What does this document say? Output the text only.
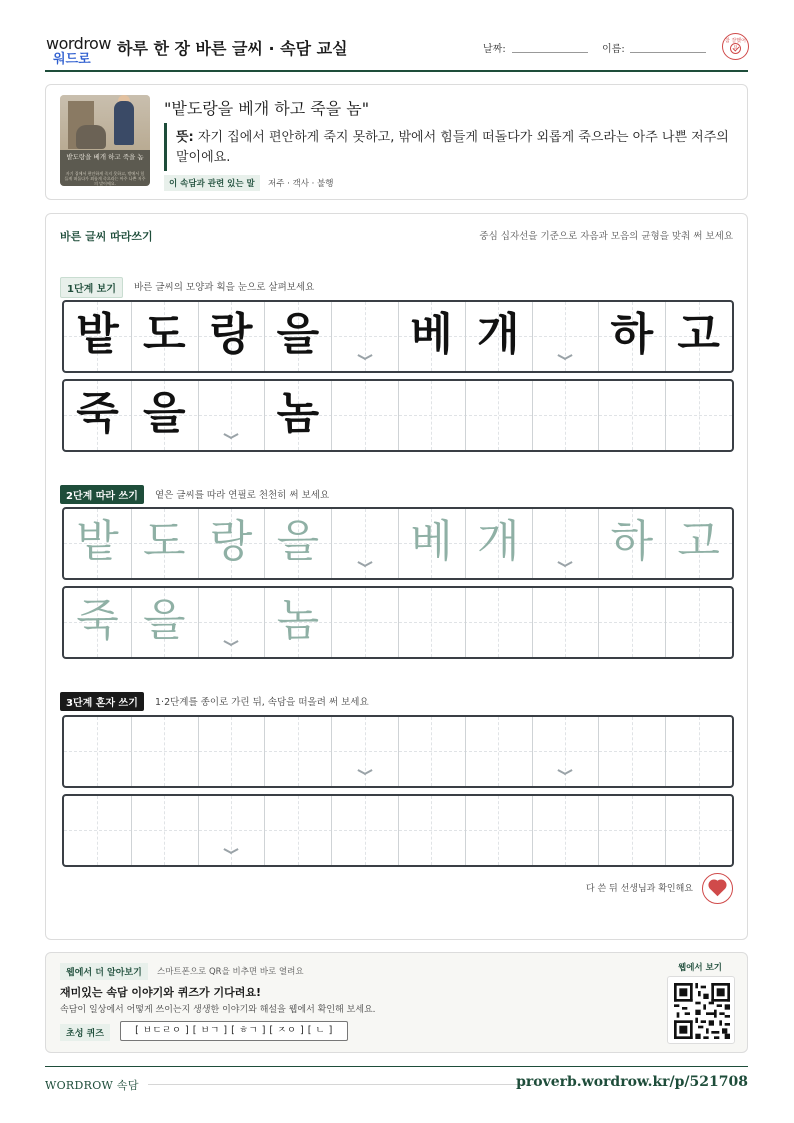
wordrow
워드로
하루 한 장 바른 글씨 · 속담 교실	날짜:	이름:
참 잘했어요
밭도랑을 베개 하고 죽을 놈
자기 집에서 편안하게 죽지 못하고, 밖에서 힘들게 떠돌다가 외롭게 죽으라는 아주 나쁜 저주의 말이에요.
"밭도랑을 베개 하고 죽을 놈"
뜻: 자기 집에서 편안하게 죽지 못하고, 밖에서 힘들게 떠돌다가 외롭게 죽으라는 아주 나쁜 저주의 말이에요.
이 속담과 관련 있는 말	저주 · 객사 · 불행
바른 글씨 따라쓰기	중심 십자선을 기준으로 자음과 모음의 균형을 맞춰 써 보세요
1단계 보기	바른 글씨의 모양과 획을 눈으로 살펴보세요
밭 도 랑 을 베 개 하 고
죽 을 놈
2단계 따라 쓰기	옅은 글씨를 따라 연필로 천천히 써 보세요
밭 도 랑 을 베 개 하 고
죽 을 놈
3단계 혼자 쓰기	1·2단계를 종이로 가린 뒤, 속담을 떠올려 써 보세요
다 쓴 뒤 선생님과 확인해요
웹에서 더 알아보기	스마트폰으로 QR을 비추면 바로 열려요
재미있는 속담 이야기와 퀴즈가 기다려요!
속담이 일상에서 어떻게 쓰이는지 생생한 이야기와 해설을 웹에서 확인해 보세요.
초성 퀴즈	[ ㅂㄷㄹㅇ ] [ ㅂㄱ ] [ ㅎㄱ ] [ ㅈㅇ ] [ ㄴ ]
웹에서 보기
WORDROW 속담	proverb.wordrow.kr/p/521708
